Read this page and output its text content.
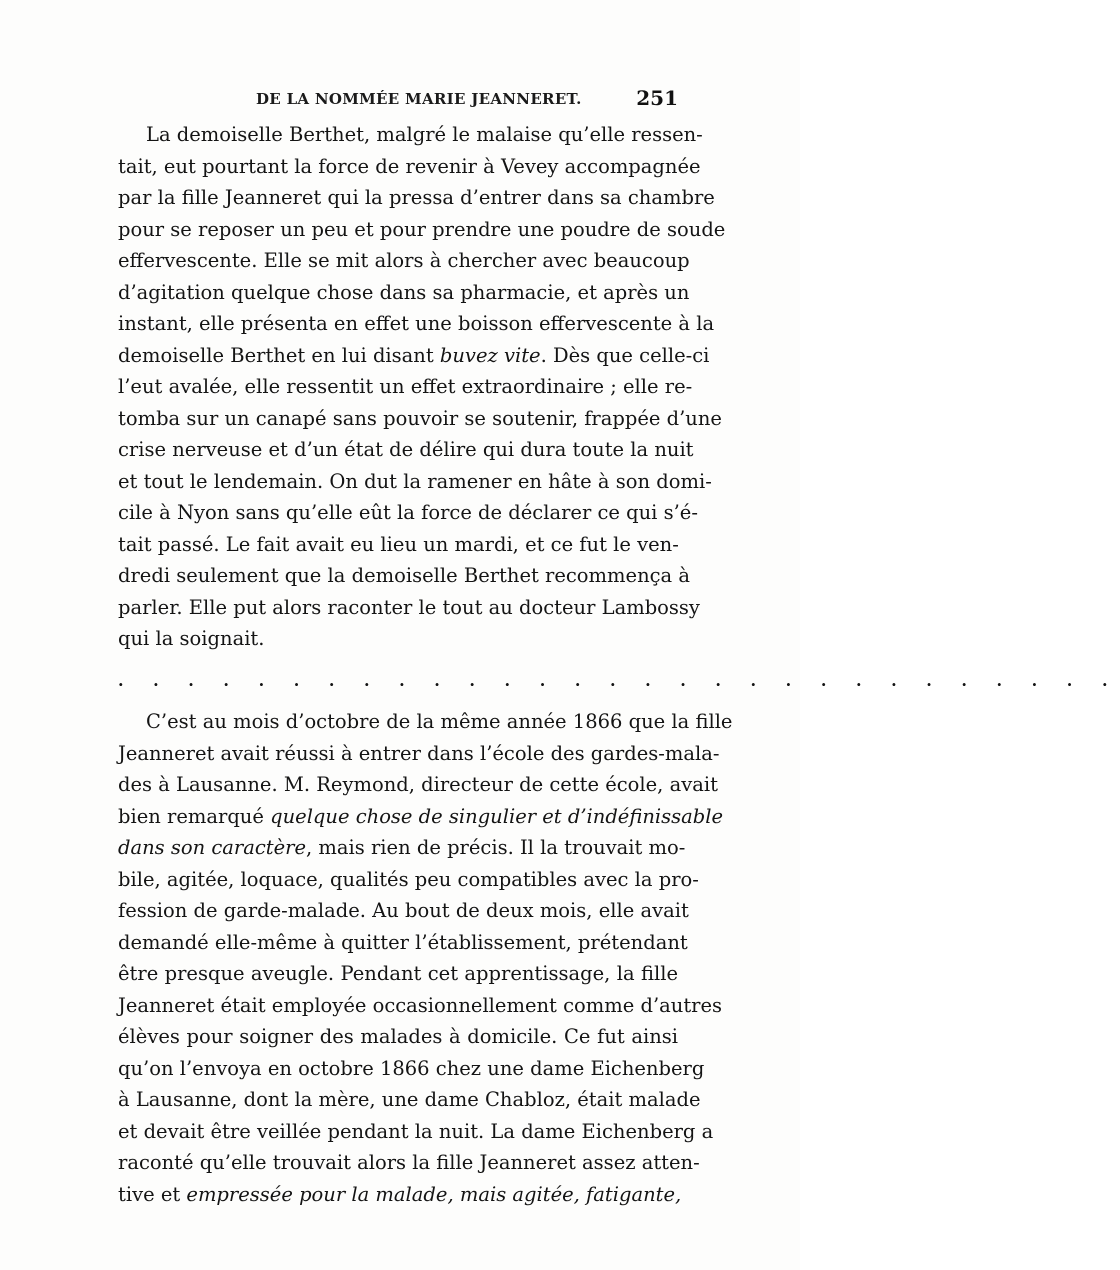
DE LA NOMMÉE MARIE JEANNERET.	251
La demoiselle Berthet, malgré le malaise qu’elle ressen-
tait, eut pourtant la force de revenir à Vevey accompagnée
par la fille Jeanneret qui la pressa d’entrer dans sa chambre
pour se reposer un peu et pour prendre une poudre de soude
effervescente. Elle se mit alors à chercher avec beaucoup
d’agitation quelque chose dans sa pharmacie, et après un
instant, elle présenta en effet une boisson effervescente à la
demoiselle Berthet en lui disant buvez vite. Dès que celle-ci
l’eut avalée, elle ressentit un effet extraordinaire ; elle re-
tomba sur un canapé sans pouvoir se soutenir, frappée d’une
crise nerveuse et d’un état de délire qui dura toute la nuit
et tout le lendemain. On dut la ramener en hâte à son domi-
cile à Nyon sans qu’elle eût la force de déclarer ce qui s’é-
tait passé. Le fait avait eu lieu un mardi, et ce fut le ven-
dredi seulement que la demoiselle Berthet recommença à
parler. Elle put alors raconter le tout au docteur Lambossy
qui la soignait.
. . . . . . . . . . . . . . . . . . . . . . . . . . . . .
C’est au mois d’octobre de la même année 1866 que la fille
Jeanneret avait réussi à entrer dans l’école des gardes-mala-
des à Lausanne. M. Reymond, directeur de cette école, avait
bien remarqué quelque chose de singulier et d’indéfinissable
dans son caractère, mais rien de précis. Il la trouvait mo-
bile, agitée, loquace, qualités peu compatibles avec la pro-
fession de garde-malade. Au bout de deux mois, elle avait
demandé elle-même à quitter l’établissement, prétendant
être presque aveugle. Pendant cet apprentissage, la fille
Jeanneret était employée occasionnellement comme d’autres
élèves pour soigner des malades à domicile. Ce fut ainsi
qu’on l’envoya en octobre 1866 chez une dame Eichenberg
à Lausanne, dont la mère, une dame Chabloz, était malade
et devait être veillée pendant la nuit. La dame Eichenberg a
raconté qu’elle trouvait alors la fille Jeanneret assez atten-
tive et empressée pour la malade, mais agitée, fatigante,
